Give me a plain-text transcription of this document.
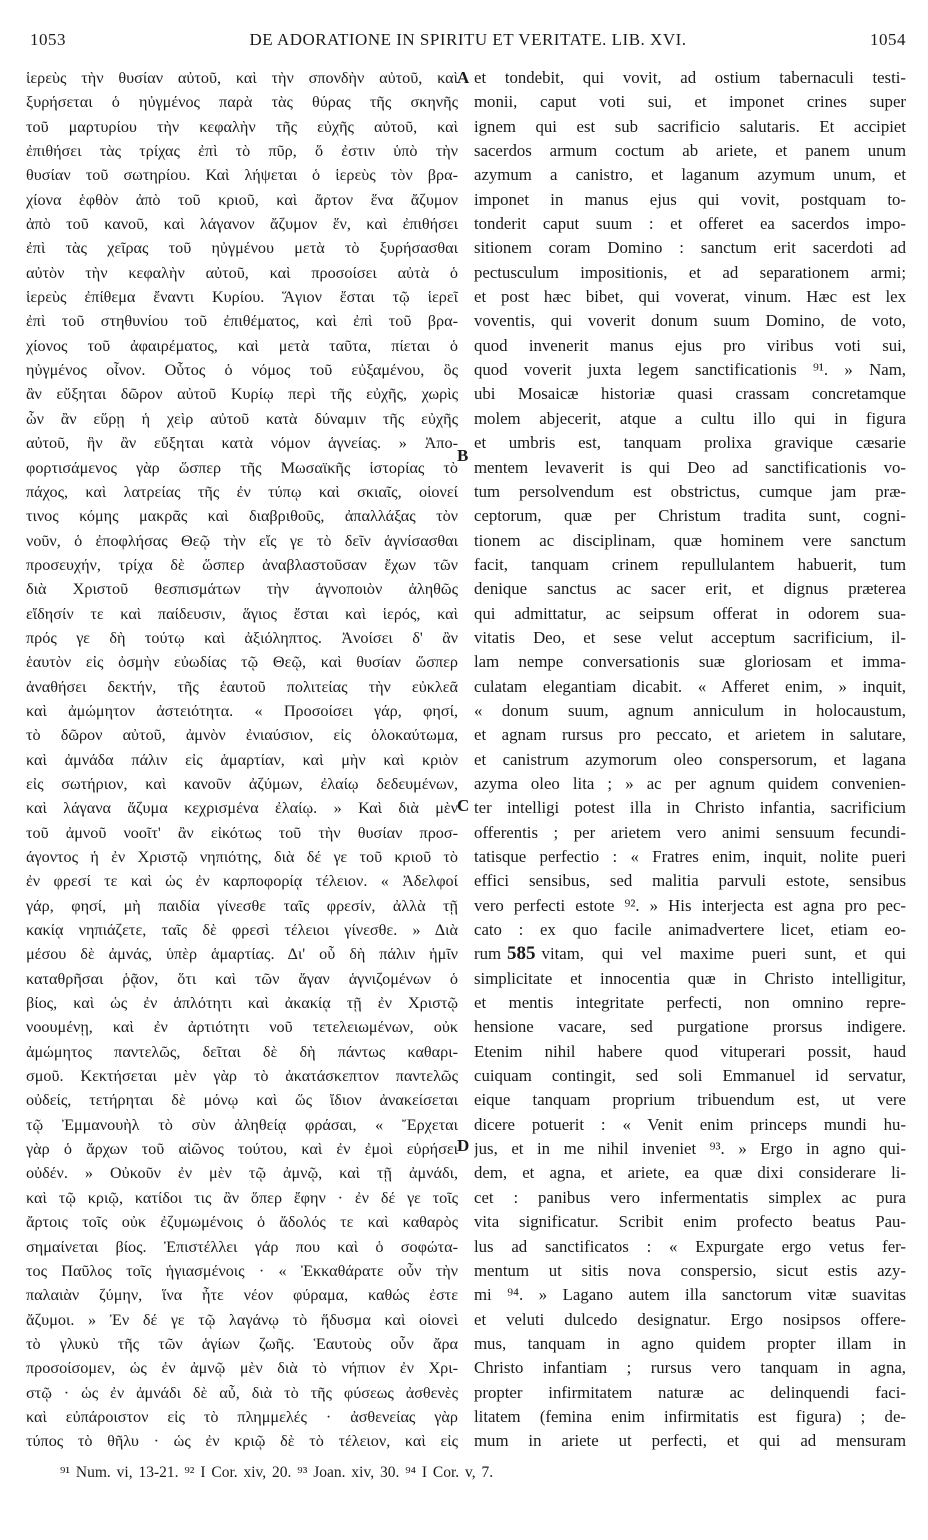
1053	DE ADORATIONE IN SPIRITU ET VERITATE. LIB. XVI.	1054
ἱερεὺς τὴν θυσίαν αὐτοῦ, καὶ τὴν σπονδὴν αὐτοῦ, καὶ
ξυρήσεται ὁ ηὐγμένος παρὰ τὰς θύρας τῆς σκηνῆς
τοῦ μαρτυρίου τὴν κεφαλὴν τῆς εὐχῆς αὐτοῦ, καὶ
ἐπιθήσει τὰς τρίχας ἐπὶ τὸ πῦρ, ὅ ἐστιν ὑπὸ τὴν
θυσίαν τοῦ σωτηρίου. Καὶ λήψεται ὁ ἱερεὺς τὸν βρα-
χίονα ἑφθὸν ἀπὸ τοῦ κριοῦ, καὶ ἄρτον ἕνα ἄζυμον
ἀπὸ τοῦ κανοῦ, καὶ λάγανον ἄζυμον ἕν, καὶ ἐπιθήσει
ἐπὶ τὰς χεῖρας τοῦ ηὐγμένου μετὰ τὸ ξυρήσασθαι
αὐτὸν τὴν κεφαλὴν αὐτοῦ, καὶ προσοίσει αὐτὰ ὁ
ἱερεὺς ἐπίθεμα ἔναντι Κυρίου. Ἅγιον ἔσται τῷ ἱερεῖ
ἐπὶ τοῦ στηθυνίου τοῦ ἐπιθέματος, καὶ ἐπὶ τοῦ βρα-
χίονος τοῦ ἀφαιρέματος, καὶ μετὰ ταῦτα, πίεται ὁ
ηὐγμένος οἶνον. Οὗτος ὁ νόμος τοῦ εὐξαμένου, ὃς
ἂν εὔξηται δῶρον αὐτοῦ Κυρίῳ περὶ τῆς εὐχῆς, χωρὶς
ὧν ἂν εὕρῃ ἡ χεὶρ αὐτοῦ κατὰ δύναμιν τῆς εὐχῆς
αὐτοῦ, ἣν ἂν εὔξηται κατὰ νόμον ἁγνείας. » Ἀπο-
φορτισάμενος γὰρ ὥσπερ τῆς Μωσαϊκῆς ἱστορίας τὸ
πάχος, καὶ λατρείας τῆς ἐν τύπῳ καὶ σκιαῖς, οἱονεί
τινος κόμης μακρᾶς καὶ διαβριθοῦς, ἀπαλλάξας τὸν
νοῦν, ὁ ἐποφλήσας Θεῷ τὴν εἴς γε τὸ δεῖν ἁγνίσασθαι
προσευχήν, τρίχα δὲ ὥσπερ ἀναβλαστοῦσαν ἔχων τῶν
διὰ Χριστοῦ θεσπισμάτων τὴν ἁγνοποιὸν ἀληθῶς
εἴδησίν τε καὶ παίδευσιν, ἅγιος ἔσται καὶ ἱερός, καὶ
πρός γε δὴ τούτῳ καὶ ἀξιόληπτος. Ἀνοίσει δ' ἂν
ἑαυτὸν εἰς ὀσμὴν εὐωδίας τῷ Θεῷ, καὶ θυσίαν ὥσπερ
ἀναθήσει δεκτήν, τῆς ἑαυτοῦ πολιτείας τὴν εὐκλεᾶ
καὶ ἀμώμητον ἀστειότητα. « Προσοίσει γάρ, φησί,
τὸ δῶρον αὐτοῦ, ἀμνὸν ἐνιαύσιον, εἰς ὁλοκαύτωμα,
καὶ ἀμνάδα πάλιν εἰς ἁμαρτίαν, καὶ μὴν καὶ κριὸν
εἰς σωτήριον, καὶ κανοῦν ἀζύμων, ἐλαίῳ δεδευμένων,
καὶ λάγανα ἄζυμα κεχρισμένα ἐλαίῳ. » Καὶ διὰ μὲν
τοῦ ἀμνοῦ νοοῖτ' ἂν εἰκότως τοῦ τὴν θυσίαν προσ-
άγοντος ἡ ἐν Χριστῷ νηπιότης, διὰ δέ γε τοῦ κριοῦ τὸ
ἐν φρεσί τε καὶ ὡς ἐν καρποφορίᾳ τέλειον. « Ἀδελφοί
γάρ, φησί, μὴ παιδία γίνεσθε ταῖς φρεσίν, ἀλλὰ τῇ
κακίᾳ νηπιάζετε, ταῖς δὲ φρεσὶ τέλειοι γίνεσθε. » Διὰ
μέσου δὲ ἀμνάς, ὑπὲρ ἁμαρτίας. Δι' οὗ δὴ πάλιν ἡμῖν
καταθρῆσαι ῥᾷον, ὅτι καὶ τῶν ἄγαν ἁγνιζομένων ὁ
βίος, καὶ ὡς ἐν ἁπλότητι καὶ ἀκακίᾳ τῇ ἐν Χριστῷ
νοουμένῃ, καὶ ἐν ἀρτιότητι νοῦ τετελειωμένων, οὐκ
ἀμώμητος παντελῶς, δεῖται δὲ δὴ πάντως καθαρι-
σμοῦ. Κεκτήσεται μὲν γὰρ τὸ ἀκατάσκεπτον παντελῶς
οὐδείς, τετήρηται δὲ μόνῳ καὶ ὥς ἴδιον ἀνακείσεται
τῷ Ἐμμανουὴλ τὸ σὺν ἀληθείᾳ φράσαι, « Ἔρχεται
γὰρ ὁ ἄρχων τοῦ αἰῶνος τούτου, καὶ ἐν ἐμοὶ εὑρήσει
οὐδέν. » Οὐκοῦν ἐν μὲν τῷ ἀμνῷ, καὶ τῇ ἀμνάδι,
καὶ τῷ κριῷ, κατίδοι τις ἂν ὅπερ ἔφην · ἐν δέ γε τοῖς
ἄρτοις τοῖς οὐκ ἐζυμωμένοις ὁ ἄδολός τε καὶ καθαρὸς
σημαίνεται βίος. Ἐπιστέλλει γάρ που καὶ ὁ σοφώτα-
τος Παῦλος τοῖς ἡγιασμένοις · « Ἐκκαθάρατε οὖν τὴν
παλαιὰν ζύμην, ἵνα ἦτε νέον φύραμα, καθώς ἐστε
ἄζυμοι. » Ἐν δέ γε τῷ λαγάνῳ τὸ ἥδυσμα καὶ οἱονεὶ
τὸ γλυκὺ τῆς τῶν ἁγίων ζωῆς. Ἑαυτοὺς οὖν ἄρα
προσοίσομεν, ὡς ἐν ἀμνῷ μὲν διὰ τὸ νήπιον ἐν Χρι-
στῷ · ὡς ἐν ἀμνάδι δὲ αὖ, διὰ τὸ τῆς φύσεως ἀσθενὲς
καὶ εὐπάροιστον εἰς τὸ πλημμελές · ἀσθενείας γὰρ
τύπος τὸ θῆλυ · ὡς ἐν κριῷ δὲ τὸ τέλειον, καὶ εἰς
et tondebit, qui vovit, ad ostium tabernaculi testi-
monii, caput voti sui, et imponet crines super
ignem qui est sub sacrificio salutaris. Et accipiet
sacerdos armum coctum ab ariete, et panem unum
azymum a canistro, et laganum azymum unum, et
imponet in manus ejus qui vovit, postquam to-
tonderit caput suum : et offeret ea sacerdos impo-
sitionem coram Domino : sanctum erit sacerdoti ad
pectusculum impositionis, et ad separationem armi;
et post hæc bibet, qui voverat, vinum. Hæc est lex
voventis, qui voverit donum suum Domino, de voto,
quod invenerit manus ejus pro viribus voti sui,
quod voverit juxta legem sanctificationis ⁹¹. » Nam,
ubi Mosaicæ historiæ quasi crassam concretamque
molem abjecerit, atque a cultu illo qui in figura
et umbris est, tanquam prolixa gravique cæsarie
mentem levaverit is qui Deo ad sanctificationis vo-
tum persolvendum est obstrictus, cumque jam præ-
ceptorum, quæ per Christum tradita sunt, cogni-
tionem ac disciplinam, quæ hominem vere sanctum
facit, tanquam crinem repullulantem habuerit, tum
denique sanctus ac sacer erit, et dignus præterea
qui admittatur, ac seipsum offerat in odorem sua-
vitatis Deo, et sese velut acceptum sacrificium, il-
lam nempe conversationis suæ gloriosam et imma-
culatam elegantiam dicabit. « Afferet enim, » inquit,
« donum suum, agnum anniculum in holocaustum,
et agnam rursus pro peccato, et arietem in salutare,
et canistrum azymorum oleo conspersorum, et lagana
azyma oleo lita ; » ac per agnum quidem convenien-
ter intelligi potest illa in Christo infantia, sacrificium
offerentis ; per arietem vero animi sensuum fecundi-
tatisque perfectio : « Fratres enim, inquit, nolite pueri
effici sensibus, sed malitia parvuli estote, sensibus
vero perfecti estote ⁹². » His interjecta est agna pro pec-
cato : ex quo facile animadvertere licet, etiam eo-
rum 585 vitam, qui vel maxime pueri sunt, et qui
simplicitate et innocentia quæ in Christo intelligitur,
et mentis integritate perfecti, non omnino repre-
hensione vacare, sed purgatione prorsus indigere.
Etenim nihil habere quod vituperari possit, haud
cuiquam contingit, sed soli Emmanuel id servatur,
eique tanquam proprium tribuendum est, ut vere
dicere potuerit : « Venit enim princeps mundi hu-
jus, et in me nihil inveniet ⁹³. » Ergo in agno qui-
dem, et agna, et ariete, ea quæ dixi considerare li-
cet : panibus vero infermentatis simplex ac pura
vita significatur. Scribit enim profecto beatus Pau-
lus ad sanctificatos : « Expurgate ergo vetus fer-
mentum ut sitis nova conspersio, sicut estis azy-
mi ⁹⁴. » Lagano autem illa sanctorum vitæ suavitas
et veluti dulcedo designatur. Ergo nosipsos offere-
mus, tanquam in agno quidem propter illam in
Christo infantiam ; rursus vero tanquam in agna,
propter infirmitatem naturæ ac delinquendi faci-
litatem (femina enim infirmitatis est figura) ; de-
mum in ariete ut perfecti, et qui ad mensuram
A
B
C
D
⁹¹ Num. vi, 13-21. ⁹² I Cor. xiv, 20. ⁹³ Joan. xiv, 30. ⁹⁴ I Cor. v, 7.
